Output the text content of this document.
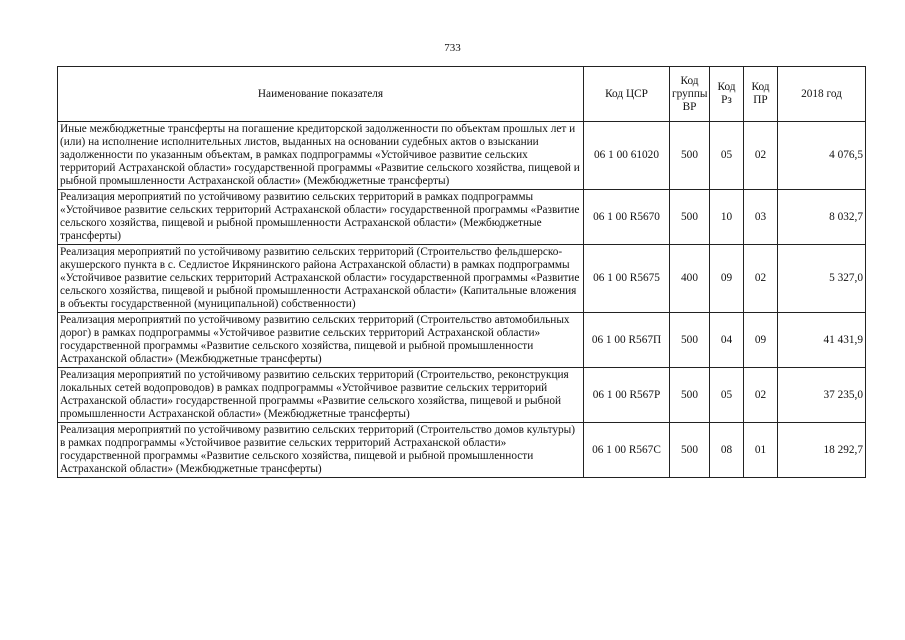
733
Наименование показателя	Код ЦСР	Код группы ВР	Код Рз	Код ПР	2018 год
Иные межбюджетные трансферты на погашение кредиторской задолженности по объектам прошлых лет и (или) на исполнение исполнительных листов, выданных на основании судебных актов о взыскании задолженности по указанным объектам, в рамках подпрограммы «Устойчивое развитие сельских территорий Астраханской области» государственной программы «Развитие сельского хозяйства, пищевой и рыбной промышленности Астраханской области» (Межбюджетные трансферты)	06 1 00 61020	500	05	02	4 076,5
Реализация мероприятий по устойчивому развитию сельских территорий в рамках подпрограммы «Устойчивое развитие сельских территорий Астраханской области» государственной программы «Развитие сельского хозяйства, пищевой и рыбной промышленности Астраханской области» (Межбюджетные трансферты)	06 1 00 R5670	500	10	03	8 032,7
Реализация мероприятий по устойчивому развитию сельских территорий (Строительство фельдшерско-акушерского пункта в с. Седлистое Икрянинского района Астраханской области) в рамках подпрограммы «Устойчивое развитие сельских территорий Астраханской области» государственной программы «Развитие сельского хозяйства, пищевой и рыбной промышленности Астраханской области» (Капитальные вложения в объекты государственной (муниципальной) собственности)	06 1 00 R5675	400	09	02	5 327,0
Реализация мероприятий по устойчивому развитию сельских территорий (Строительство автомобильных дорог) в рамках подпрограммы «Устойчивое развитие сельских территорий Астраханской области» государственной программы «Развитие сельского хозяйства, пищевой и рыбной промышленности Астраханской области» (Межбюджетные трансферты)	06 1 00 R567П	500	04	09	41 431,9
Реализация мероприятий по устойчивому развитию сельских территорий (Строительство, реконструкция локальных сетей водопроводов) в рамках подпрограммы «Устойчивое развитие сельских территорий Астраханской области» государственной программы «Развитие сельского хозяйства, пищевой и рыбной промышленности Астраханской области» (Межбюджетные трансферты)	06 1 00 R567Р	500	05	02	37 235,0
Реализация мероприятий по устойчивому развитию сельских территорий (Строительство домов культуры) в рамках подпрограммы «Устойчивое развитие сельских территорий Астраханской области» государственной программы «Развитие сельского хозяйства, пищевой и рыбной промышленности Астраханской области» (Межбюджетные трансферты)	06 1 00 R567С	500	08	01	18 292,7
